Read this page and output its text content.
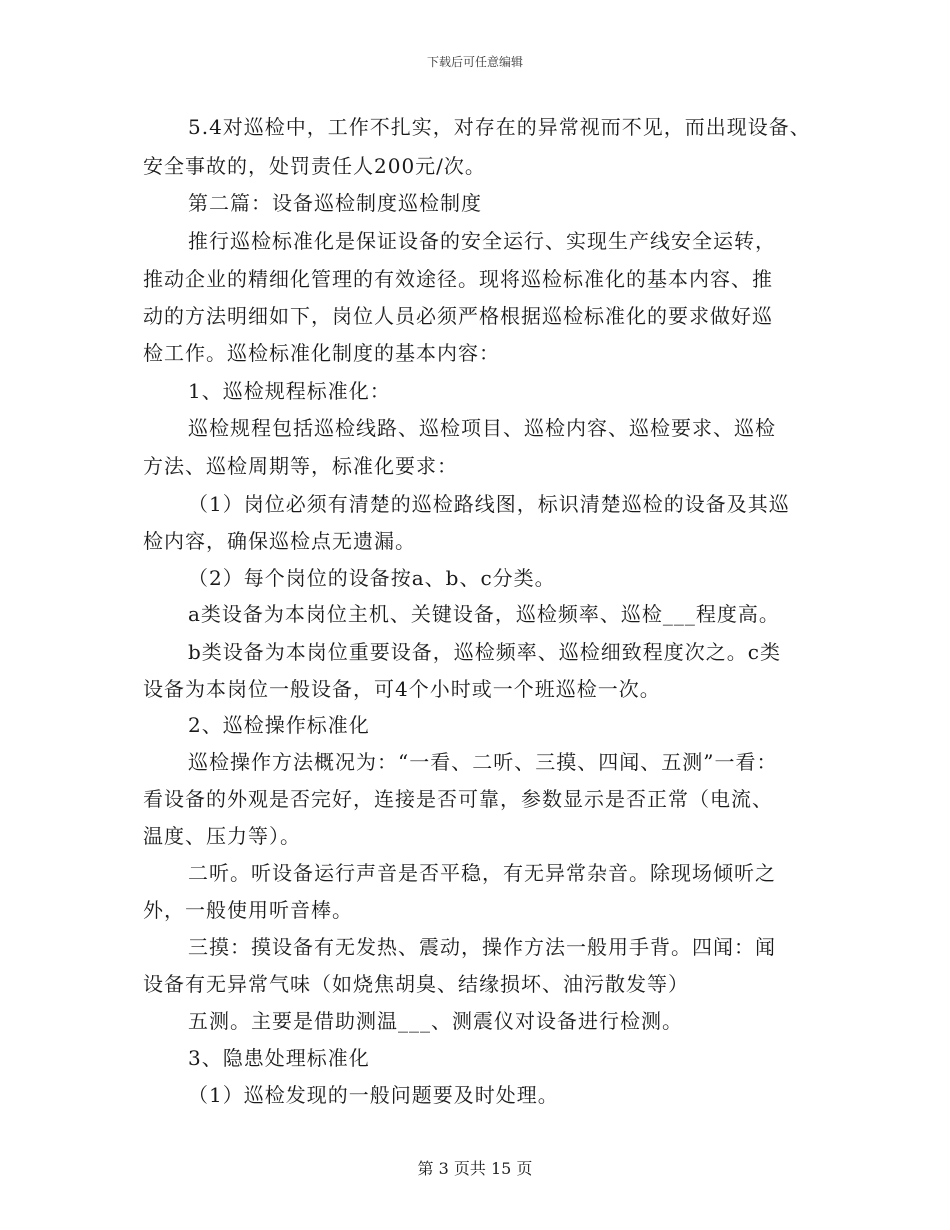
下载后可任意编辑
5.4对巡检中，工作不扎实，对存在的异常视而不见，而出现设备、
安全事故的，处罚责任人200元/次。
第二篇：设备巡检制度巡检制度
推行巡检标准化是保证设备的安全运行、实现生产线安全运转，
推动企业的精细化管理的有效途径。现将巡检标准化的基本内容、推
动的方法明细如下，岗位人员必须严格根据巡检标准化的要求做好巡
检工作。巡检标准化制度的基本内容：
1、巡检规程标准化：
巡检规程包括巡检线路、巡检项目、巡检内容、巡检要求、巡检
方法、巡检周期等，标准化要求：
（1）岗位必须有清楚的巡检路线图，标识清楚巡检的设备及其巡
检内容，确保巡检点无遗漏。
（2）每个岗位的设备按a、b、c分类。
a类设备为本岗位主机、关键设备，巡检频率、巡检___程度高。
b类设备为本岗位重要设备，巡检频率、巡检细致程度次之。c类
设备为本岗位一般设备，可4个小时或一个班巡检一次。
2、巡检操作标准化
巡检操作方法概况为：“一看、二听、三摸、四闻、五测”一看：
看设备的外观是否完好，连接是否可靠，参数显示是否正常（电流、
温度、压力等）。
二听。听设备运行声音是否平稳，有无异常杂音。除现场倾听之
外，一般使用听音棒。
三摸：摸设备有无发热、震动，操作方法一般用手背。四闻：闻
设备有无异常气味（如烧焦胡臭、结缘损坏、油污散发等）
五测。主要是借助测温___、测震仪对设备进行检测。
3、隐患处理标准化
（1）巡检发现的一般问题要及时处理。
第 3 页共 15 页
